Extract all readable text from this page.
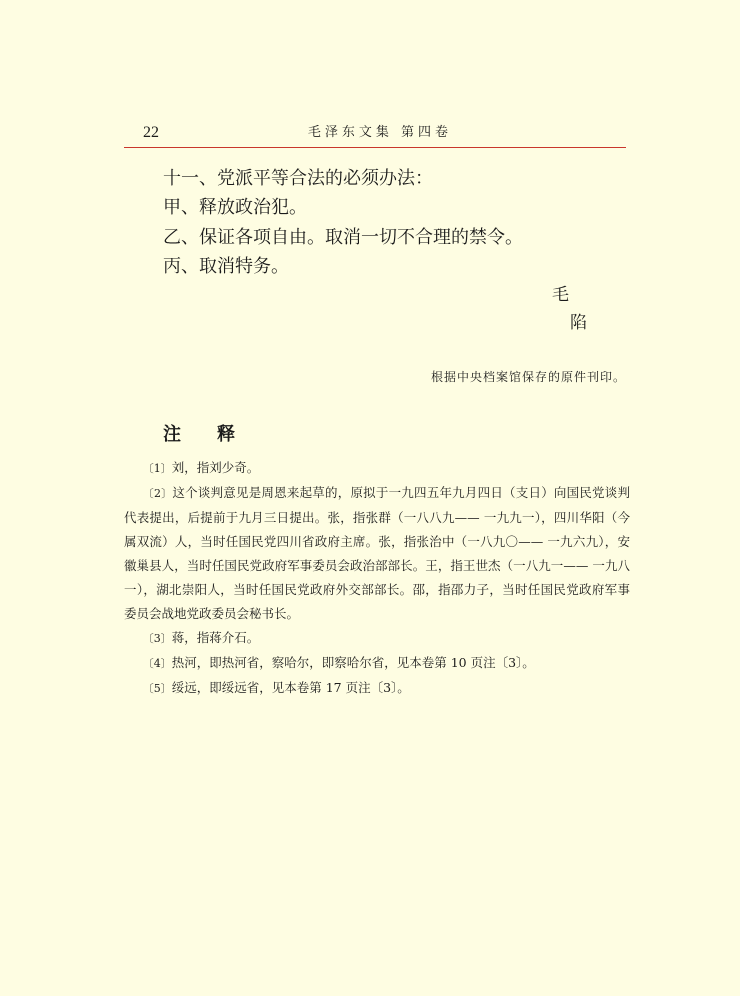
22	毛泽东文集 第四卷
十一、党派平等合法的必须办法：
甲、释放政治犯。
乙、保证各项自由。取消一切不合理的禁令。
丙、取消特务。
毛
陷
根据中央档案馆保存的原件刊印。
注 释
〔1〕刘，指刘少奇。
〔2〕这个谈判意见是周恩来起草的，原拟于一九四五年九月四日（支日）向国民党谈判代表提出，后提前于九月三日提出。张，指张群（一八八九—— 一九九一），四川华阳（今属双流）人，当时任国民党四川省政府主席。张，指张治中（一八九〇—— 一九六九），安徽巢县人，当时任国民党政府军事委员会政治部部长。王，指王世杰（一八九一—— 一九八一），湖北崇阳人，当时任国民党政府外交部部长。邵，指邵力子，当时任国民党政府军事委员会战地党政委员会秘书长。
〔3〕蒋，指蒋介石。
〔4〕热河，即热河省，察哈尔，即察哈尔省，见本卷第 10 页注〔3〕。
〔5〕绥远，即绥远省，见本卷第 17 页注〔3〕。
